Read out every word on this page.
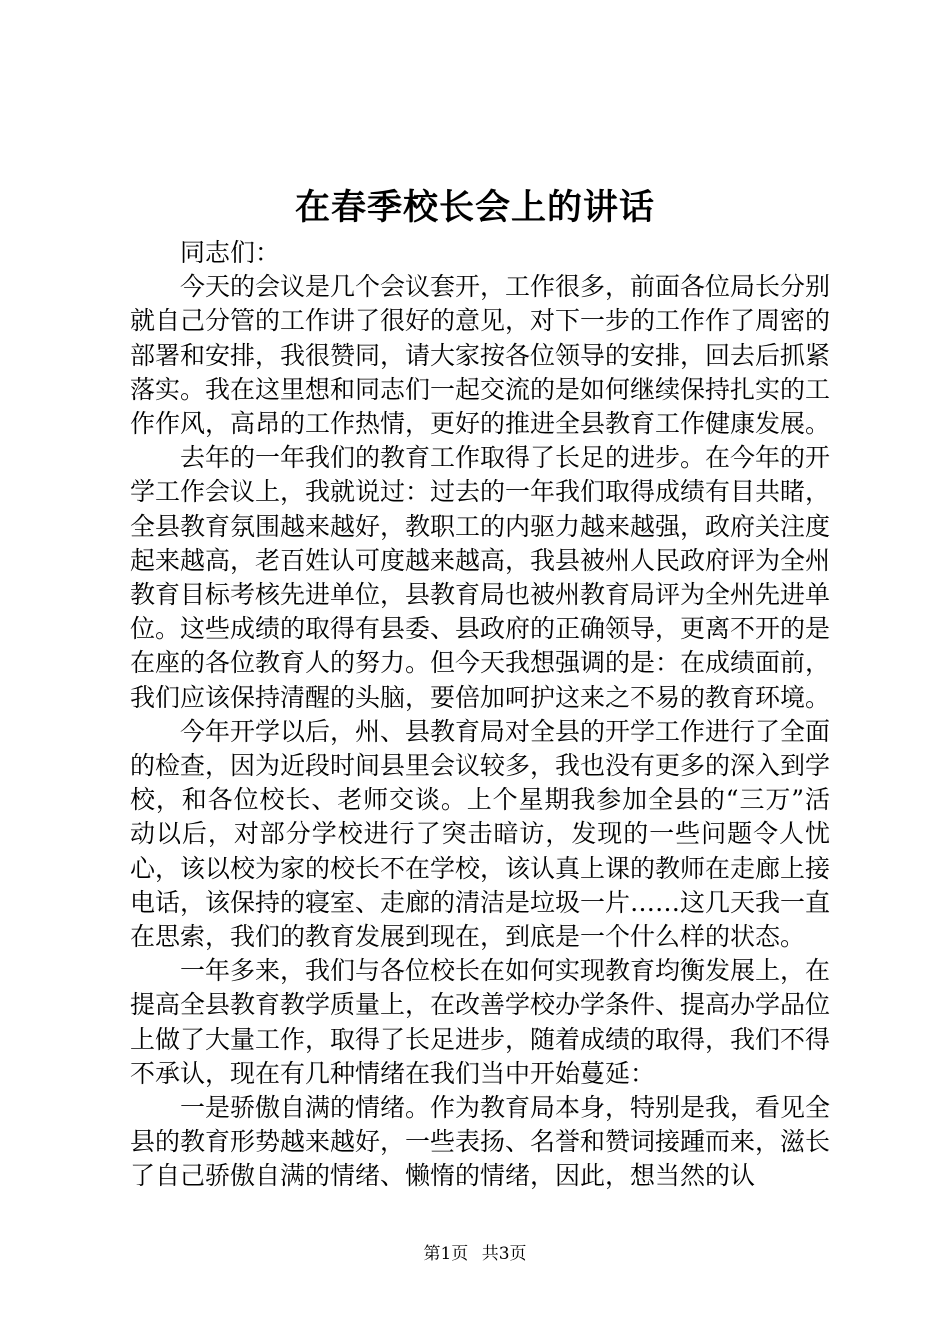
在春季校长会上的讲话

同志们：

今天的会议是几个会议套开，工作很多，前面各位局长分别就自己分管的工作讲了很好的意见，对下一步的工作作了周密的部署和安排，我很赞同，请大家按各位领导的安排，回去后抓紧落实。我在这里想和同志们一起交流的是如何继续保持扎实的工作作风，高昂的工作热情，更好的推进全县教育工作健康发展。

去年的一年我们的教育工作取得了长足的进步。在今年的开学工作会议上，我就说过：过去的一年我们取得成绩有目共睹，全县教育氛围越来越好，教职工的内驱力越来越强，政府关注度起来越高，老百姓认可度越来越高，我县被州人民政府评为全州教育目标考核先进单位，县教育局也被州教育局评为全州先进单位。这些成绩的取得有县委、县政府的正确领导，更离不开的是在座的各位教育人的努力。但今天我想强调的是：在成绩面前，我们应该保持清醒的头脑，要倍加呵护这来之不易的教育环境。

今年开学以后，州、县教育局对全县的开学工作进行了全面的检查，因为近段时间县里会议较多，我也没有更多的深入到学校，和各位校长、老师交谈。上个星期我参加全县的“三万”活动以后，对部分学校进行了突击暗访，发现的一些问题令人忧心，该以校为家的校长不在学校，该认真上课的教师在走廊上接电话，该保持的寝室、走廊的清洁是垃圾一片……这几天我一直在思索，我们的教育发展到现在，到底是一个什么样的状态。

一年多来，我们与各位校长在如何实现教育均衡发展上，在提高全县教育教学质量上，在改善学校办学条件、提高办学品位上做了大量工作，取得了长足进步，随着成绩的取得，我们不得不承认，现在有几种情绪在我们当中开始蔓延：

一是骄傲自满的情绪。作为教育局本身，特别是我，看见全县的教育形势越来越好，一些表扬、名誉和赞词接踵而来，滋长了自己骄傲自满的情绪、懒惰的情绪，因此，想当然的认

第1页 共3页
